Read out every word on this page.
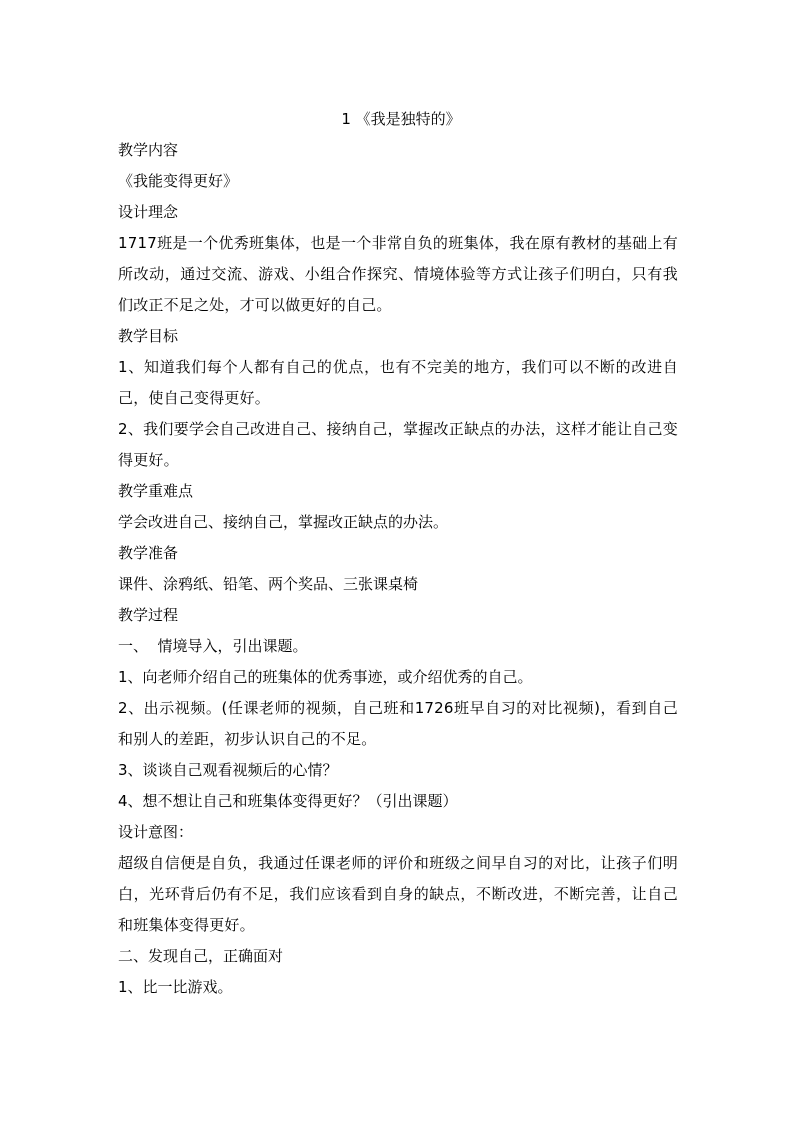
1 《我是独特的》
教学内容
《我能变得更好》
设计理念
1717班是一个优秀班集体，也是一个非常自负的班集体，我在原有教材的基础上有所改动，通过交流、游戏、小组合作探究、情境体验等方式让孩子们明白，只有我们改正不足之处，才可以做更好的自己。
教学目标
1、知道我们每个人都有自己的优点，也有不完美的地方，我们可以不断的改进自己，使自己变得更好。
2、我们要学会自己改进自己、接纳自己，掌握改正缺点的办法，这样才能让自己变得更好。
教学重难点
学会改进自己、接纳自己，掌握改正缺点的办法。
教学准备
课件、涂鸦纸、铅笔、两个奖品、三张课桌椅
教学过程
一、  情境导入，引出课题。
1、向老师介绍自己的班集体的优秀事迹，或介绍优秀的自己。
2、出示视频。(任课老师的视频，自己班和1726班早自习的对比视频)，看到自己和别人的差距，初步认识自己的不足。
3、谈谈自己观看视频后的心情？
4、想不想让自己和班集体变得更好？（引出课题）
设计意图：
超级自信便是自负，我通过任课老师的评价和班级之间早自习的对比，让孩子们明白，光环背后仍有不足，我们应该看到自身的缺点，不断改进，不断完善，让自己和班集体变得更好。
二、发现自己，正确面对
1、比一比游戏。
